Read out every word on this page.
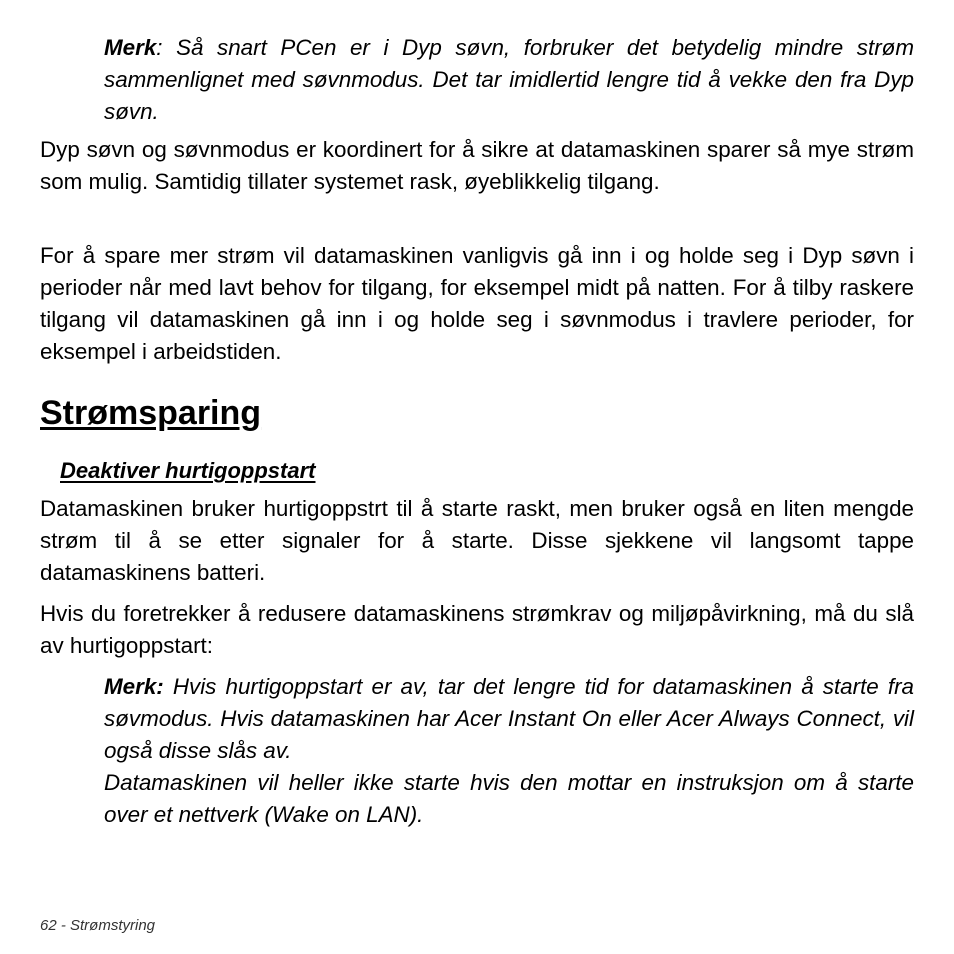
Merk: Så snart PCen er i Dyp søvn, forbruker det betydelig mindre strøm sammenlignet med søvnmodus. Det tar imidlertid lengre tid å vekke den fra Dyp søvn.

Dyp søvn og søvnmodus er koordinert for å sikre at datamaskinen sparer så mye strøm som mulig. Samtidig tillater systemet rask, øyeblikkelig tilgang.

For å spare mer strøm vil datamaskinen vanligvis gå inn i og holde seg i Dyp søvn i perioder når med lavt behov for tilgang, for eksempel midt på natten. For å tilby raskere tilgang vil datamaskinen gå inn i og holde seg i søvnmodus i travlere perioder, for eksempel i arbeidstiden.

Strømsparing
Deaktiver hurtigoppstart

Datamaskinen bruker hurtigoppstrt til å starte raskt, men bruker også en liten mengde strøm til å se etter signaler for å starte. Disse sjekkene vil langsomt tappe datamaskinens batteri.

Hvis du foretrekker å redusere datamaskinens strømkrav og miljøpåvirkning, må du slå av hurtigoppstart:

Merk: Hvis hurtigoppstart er av, tar det lengre tid for datamaskinen å starte fra søvmodus. Hvis datamaskinen har Acer Instant On eller Acer Always Connect, vil også disse slås av.

Datamaskinen vil heller ikke starte hvis den mottar en instruksjon om å starte over et nettverk (Wake on LAN).

62 - Strømstyring
